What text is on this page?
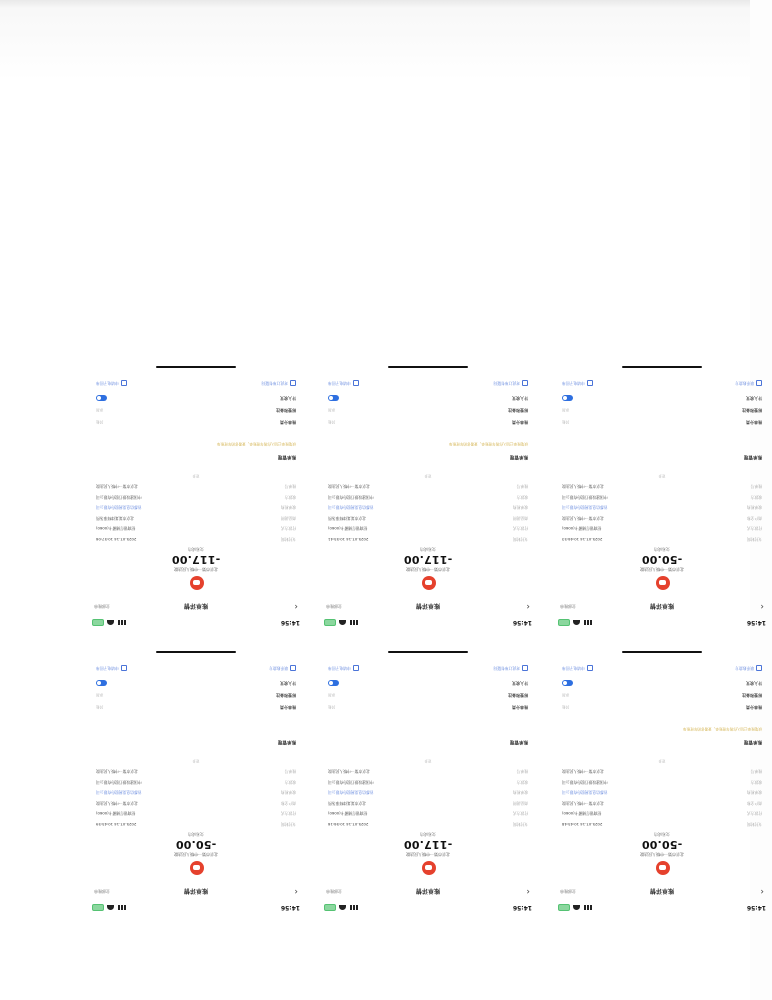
14:56
‹
账单详情
全部账单
北京市第一中级人民法院
-50.00
交易成功
支付时间
2025-07-14 10:46:53
付款方式
招商银行储蓄卡(0060)
商户全称
北京市第一中级人民法院
收单机构
首都信息发展股份有限公司
收款方
中国建设银行股份有限公司
账单号
北京市第一中级人民法院
更多
账单管理
账单分类
其他
标签和备注
添加
计入收支
联系收款方
申请电子回单
14:56
‹
账单详情
全部账单
北京市第一中级人民法院
-117.00
交易成功
支付时间
2025-07-14 10:55:41
付款方式
招商银行储蓄卡(0060)
商品说明
北京市某某律师事务所
收单机构
首都信息发展股份有限公司
收款方
中国建设银行股份有限公司
账单号
北京市第一中级人民法院
更多
账单管理
该笔账单已加入你的年度账单，查看你的年度账单
账单分类
其他
标签和备注
添加
计入收支
对此订单有疑问
申请电子回单
14:56
‹
账单详情
全部账单
北京市第一中级人民法院
-117.00
交易成功
支付时间
2025-07-14 10:57:06
付款方式
招商银行储蓄卡(0060)
商品说明
北京市某某律师事务所
收单机构
首都信息发展股份有限公司
收款方
中国建设银行股份有限公司
账单号
北京市第一中级人民法院
更多
账单管理
该笔账单已加入你的年度账单，查看你的年度账单
账单分类
其他
标签和备注
添加
计入收支
对此订单有疑问
申请电子回单
14:56
‹
账单详情
全部账单
北京市第一中级人民法院
-50.00
交易成功
支付时间
2025-07-14 10:45:48
付款方式
招商银行储蓄卡(0060)
商户全称
北京市第一中级人民法院
收单机构
首都信息发展股份有限公司
收款方
中国建设银行股份有限公司
账单号
北京市第一中级人民法院
更多
账单管理
该笔账单已加入你的年度账单，查看你的年度账单
账单分类
其他
标签和备注
添加
计入收支
联系收款方
申请电子回单
14:56
‹
账单详情
全部账单
北京市第一中级人民法院
-117.00
交易成功
支付时间
2025-07-14 10:56:16
付款方式
招商银行储蓄卡(0060)
商品说明
北京市某某律师事务所
收单机构
首都信息发展股份有限公司
收款方
中国建设银行股份有限公司
账单号
北京市第一中级人民法院
更多
账单管理
账单分类
其他
标签和备注
添加
计入收支
对此订单有疑问
申请电子回单
14:56
‹
账单详情
全部账单
北京市第一中级人民法院
-50.00
交易成功
支付时间
2025-07-14 10:45:59
付款方式
招商银行储蓄卡(0060)
商户全称
北京市第一中级人民法院
收单机构
首都信息发展股份有限公司
收款方
中国建设银行股份有限公司
账单号
北京市第一中级人民法院
更多
账单管理
账单分类
其他
标签和备注
添加
计入收支
联系收款方
申请电子回单
